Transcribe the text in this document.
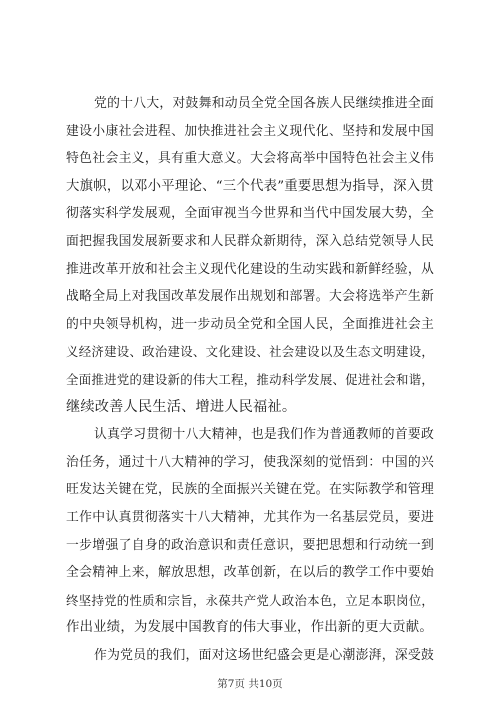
党的十八大，对鼓舞和动员全党全国各族人民继续推进全面
建设小康社会进程、加快推进社会主义现代化、坚持和发展中国
特色社会主义，具有重大意义。大会将高举中国特色社会主义伟
大旗帜，以邓小平理论、“三个代表”重要思想为指导，深入贯
彻落实科学发展观，全面审视当今世界和当代中国发展大势，全
面把握我国发展新要求和人民群众新期待，深入总结党领导人民
推进改革开放和社会主义现代化建设的生动实践和新鲜经验，从
战略全局上对我国改革发展作出规划和部署。大会将选举产生新
的中央领导机构，进一步动员全党和全国人民，全面推进社会主
义经济建设、政治建设、文化建设、社会建设以及生态文明建设，
全面推进党的建设新的伟大工程，推动科学发展、促进社会和谐，
继续改善人民生活、增进人民福祉。
认真学习贯彻十八大精神，也是我们作为普通教师的首要政
治任务，通过十八大精神的学习，使我深刻的觉悟到：中国的兴
旺发达关键在党，民族的全面振兴关键在党。在实际教学和管理
工作中认真贯彻落实十八大精神，尤其作为一名基层党员，要进
一步增强了自身的政治意识和责任意识，要把思想和行动统一到
全会精神上来，解放思想，改革创新，在以后的教学工作中要始
终坚持党的性质和宗旨，永葆共产党人政治本色，立足本职岗位，
作出业绩，为发展中国教育的伟大事业，作出新的更大贡献。
作为党员的我们，面对这场世纪盛会更是心潮澎湃，深受鼓
第7页 共10页
